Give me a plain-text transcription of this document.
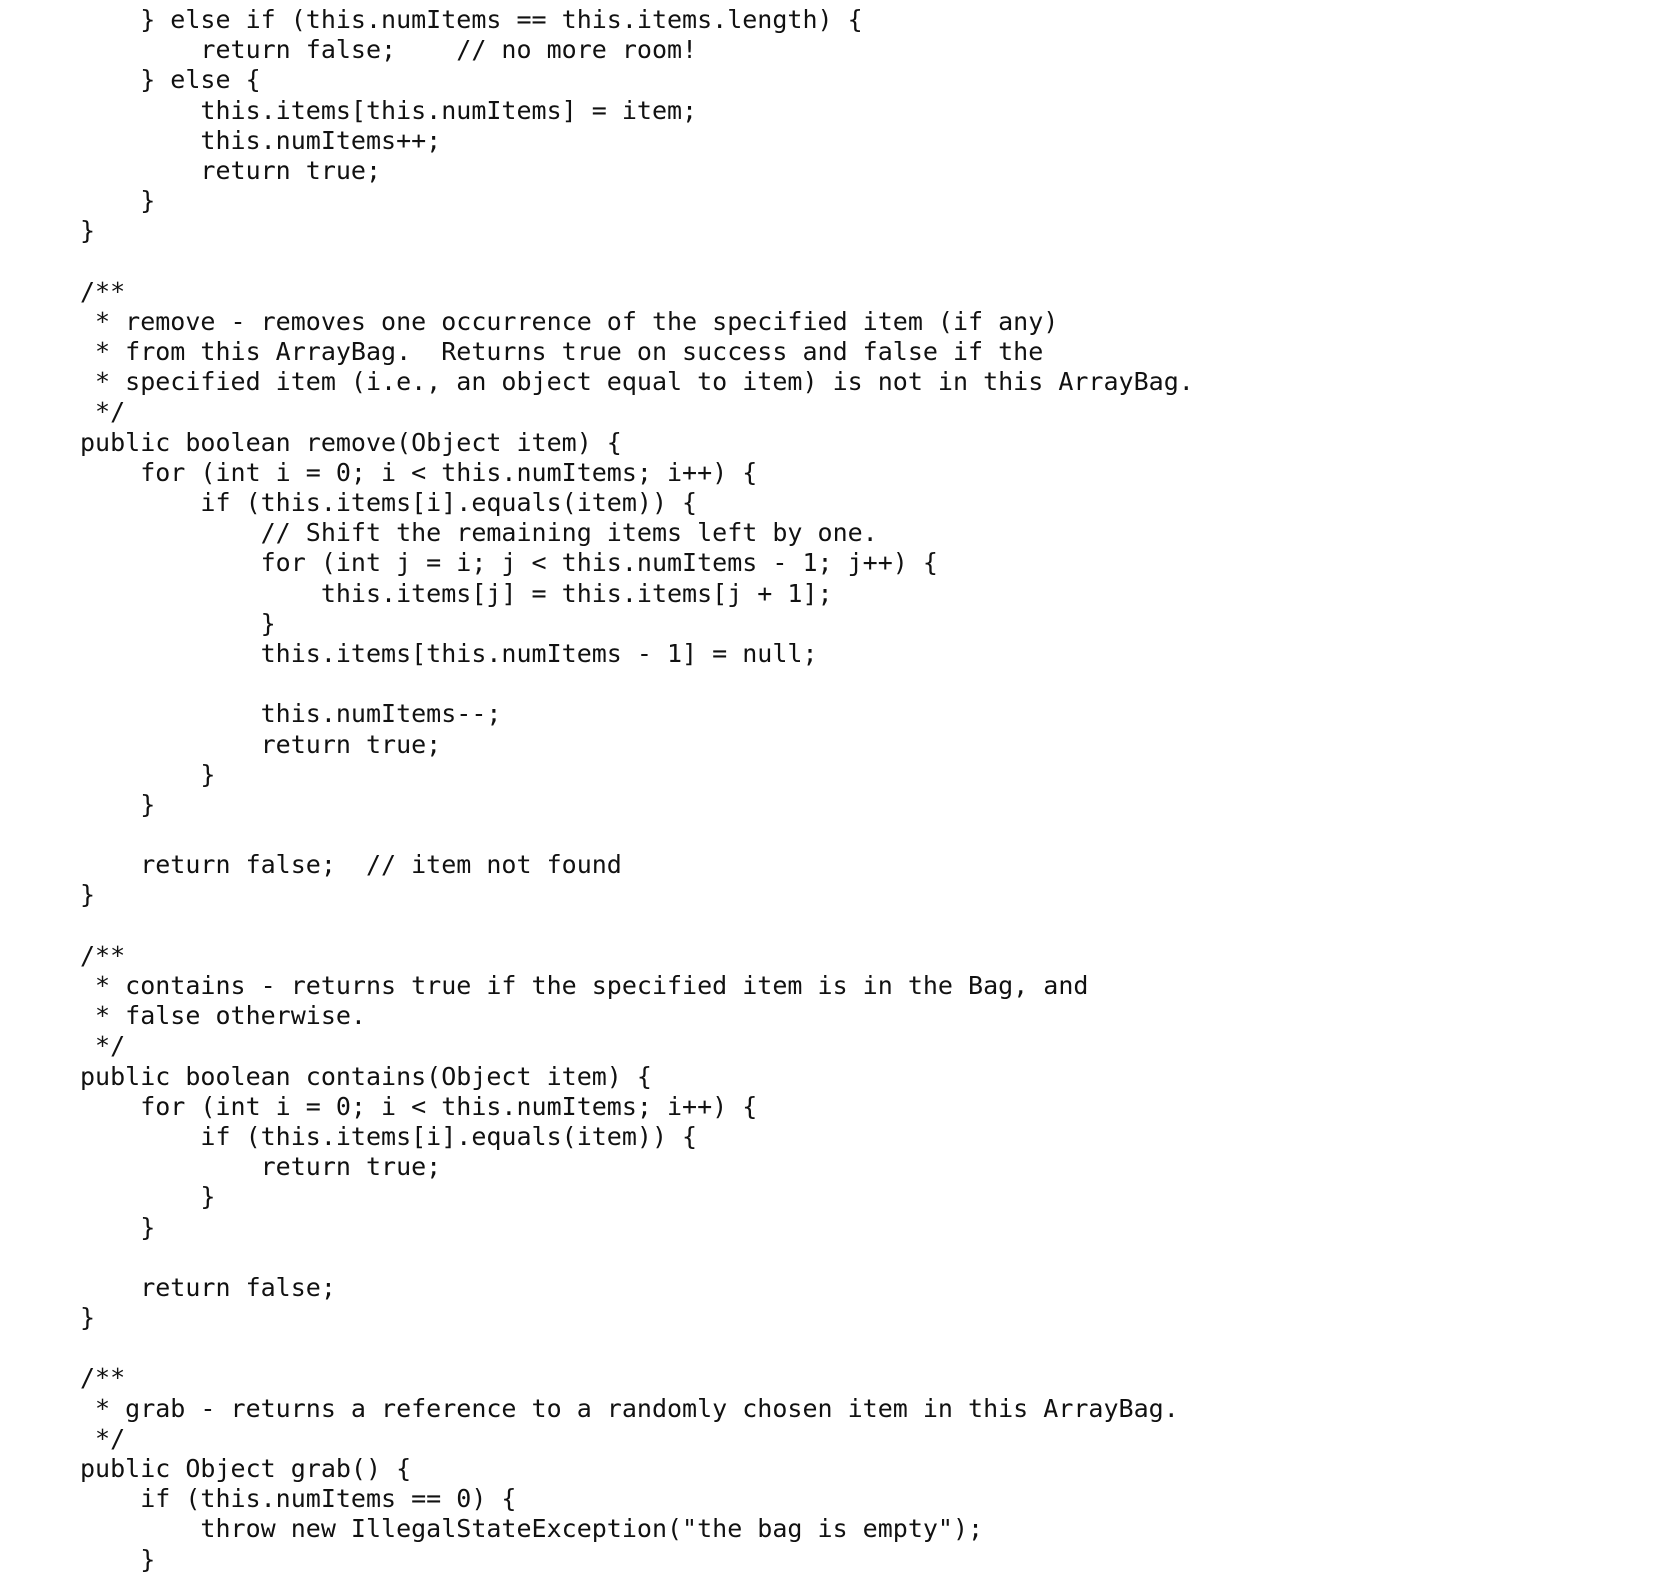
} else if (this.numItems == this.items.length) {
return false;    // no more room!
} else {
this.items[this.numItems] = item;
this.numItems++;
return true;
}
}
/**
* remove - removes one occurrence of the specified item (if any)
* from this ArrayBag.  Returns true on success and false if the
* specified item (i.e., an object equal to item) is not in this ArrayBag.
*/
public boolean remove(Object item) {
for (int i = 0; i < this.numItems; i++) {
if (this.items[i].equals(item)) {
// Shift the remaining items left by one.
for (int j = i; j < this.numItems - 1; j++) {
this.items[j] = this.items[j + 1];
}
this.items[this.numItems - 1] = null;
this.numItems--;
return true;
}
}
return false;  // item not found
}
/**
* contains - returns true if the specified item is in the Bag, and
* false otherwise.
*/
public boolean contains(Object item) {
for (int i = 0; i < this.numItems; i++) {
if (this.items[i].equals(item)) {
return true;
}
}
return false;
}
/**
* grab - returns a reference to a randomly chosen item in this ArrayBag.
*/
public Object grab() {
if (this.numItems == 0) {
throw new IllegalStateException("the bag is empty");
}
